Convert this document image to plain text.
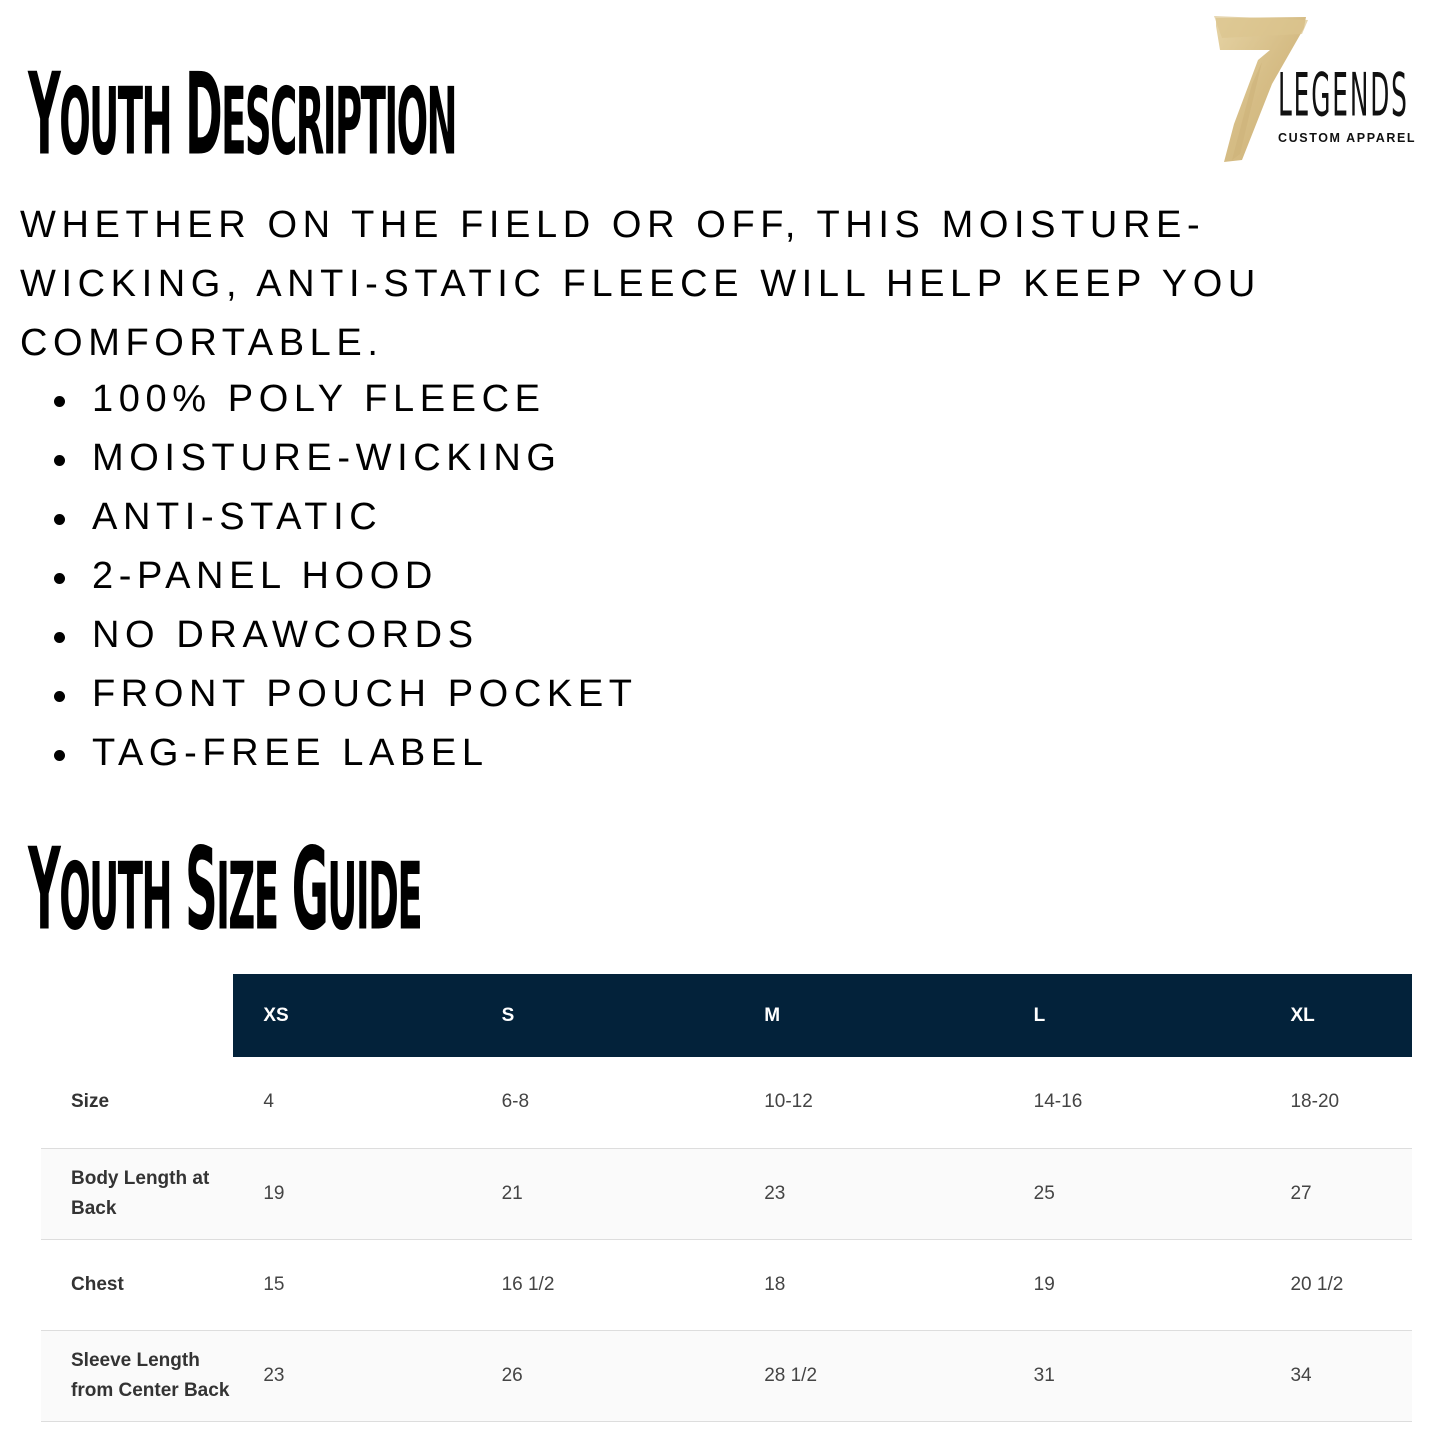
YOUTH DESCRIPTION	LEGENDS
CUSTOM APPAREL

WHETHER ON THE FIELD OR OFF, THIS MOISTURE-WICKING, ANTI-STATIC FLEECE WILL HELP KEEP YOU COMFORTABLE.

100% POLY FLEECE
MOISTURE-WICKING
ANTI-STATIC
2-PANEL HOOD
NO DRAWCORDS
FRONT POUCH POCKET
TAG-FREE LABEL
YOUTH SIZE GUIDE
	XS	S	M	L	XL
Size	4	6-8	10-12	14-16	18-20
Body Length at Back	19	21	23	25	27
Chest	15	16 1/2	18	19	20 1/2
Sleeve Length from Center Back	23	26	28 1/2	31	34
